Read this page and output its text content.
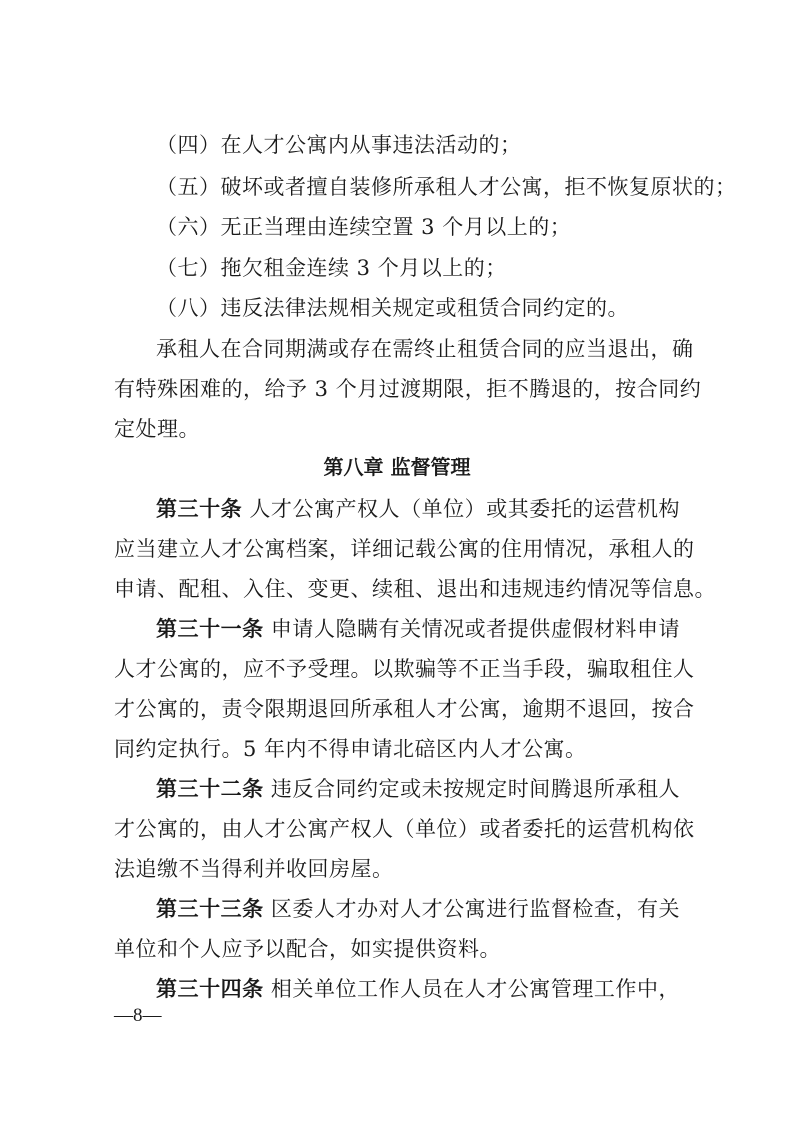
（四）在人才公寓内从事违法活动的；
（五）破坏或者擅自装修所承租人才公寓，拒不恢复原状的；
（六）无正当理由连续空置 3 个月以上的；
（七）拖欠租金连续 3 个月以上的；
（八）违反法律法规相关规定或租赁合同约定的。
承租人在合同期满或存在需终止租赁合同的应当退出，确
有特殊困难的，给予 3 个月过渡期限，拒不腾退的，按合同约
定处理。
第八章 监督管理
第三十条 人才公寓产权人（单位）或其委托的运营机构
应当建立人才公寓档案，详细记载公寓的住用情况，承租人的
申请、配租、入住、变更、续租、退出和违规违约情况等信息。
第三十一条 申请人隐瞒有关情况或者提供虚假材料申请
人才公寓的，应不予受理。以欺骗等不正当手段，骗取租住人
才公寓的，责令限期退回所承租人才公寓，逾期不退回，按合
同约定执行。5 年内不得申请北碚区内人才公寓。
第三十二条 违反合同约定或未按规定时间腾退所承租人
才公寓的，由人才公寓产权人（单位）或者委托的运营机构依
法追缴不当得利并收回房屋。
第三十三条 区委人才办对人才公寓进行监督检查，有关
单位和个人应予以配合，如实提供资料。
第三十四条 相关单位工作人员在人才公寓管理工作中，
—8—
